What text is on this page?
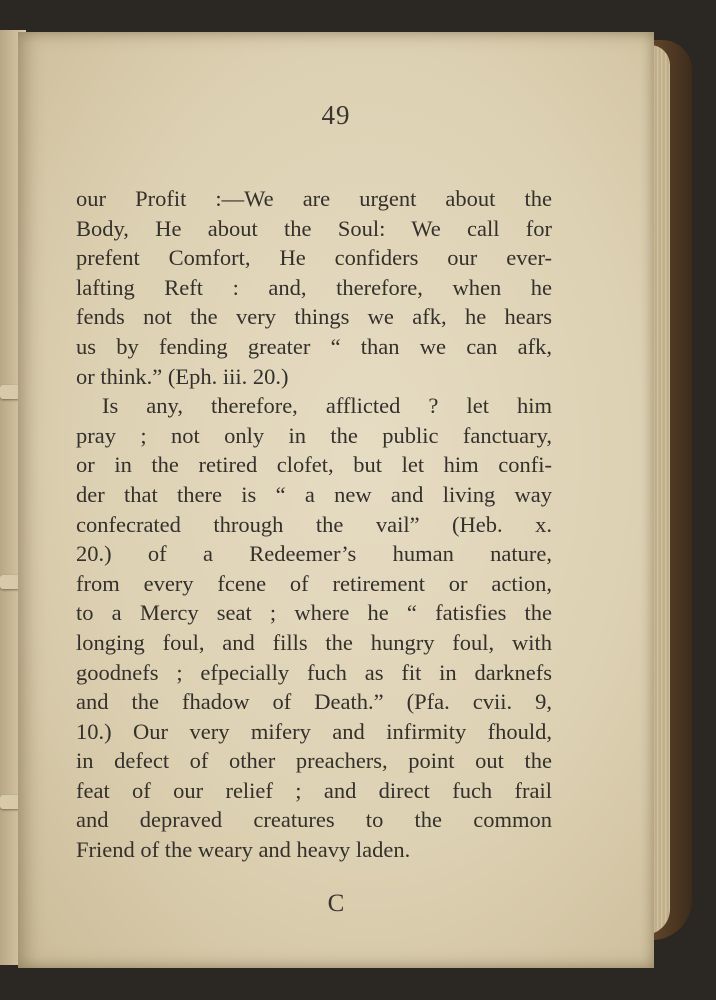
49
our Profit :—We are urgent about the
Body, He about the Soul: We call for
prefent Comfort, He confiders our ever-
lafting Reft : and, therefore, when he
fends not the very things we afk, he hears
us by fending greater “ than we can afk,
or think.” (Eph. iii. 20.)
Is any, therefore, afflicted ? let him
pray ; not only in the public fanctuary,
or in the retired clofet, but let him confi-
der that there is “ a new and living way
confecrated through the vail” (Heb. x.
20.) of a Redeemer’s human nature,
from every fcene of retirement or action,
to a Mercy seat ; where he “ fatisfies the
longing foul, and fills the hungry foul, with
goodnefs ; efpecially fuch as fit in darknefs
and the fhadow of Death.” (Pfa. cvii. 9,
10.) Our very mifery and infirmity fhould,
in defect of other preachers, point out the
feat of our relief ; and direct fuch frail
and depraved creatures to the common
Friend of the weary and heavy laden.
C
